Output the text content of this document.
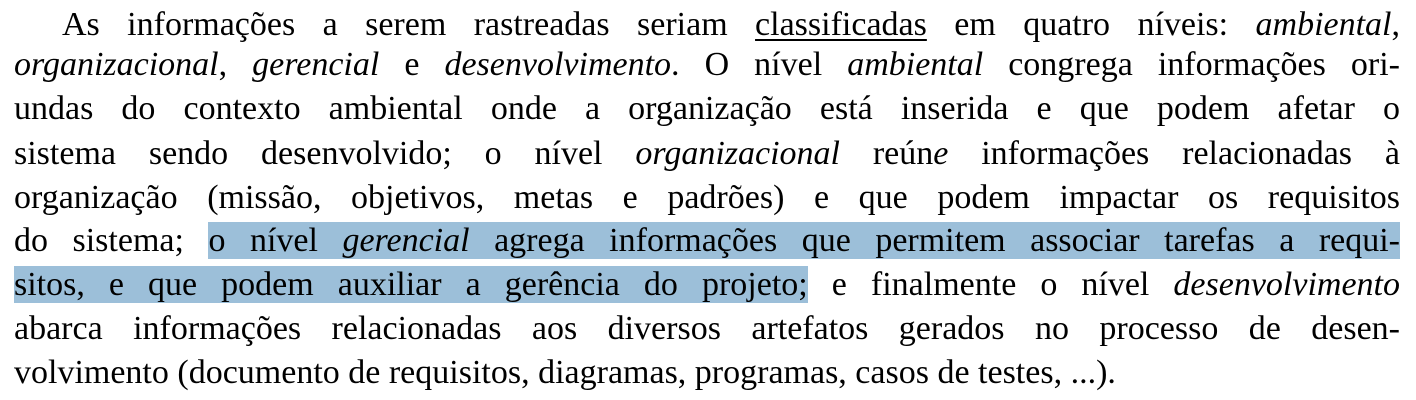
As informações a serem rastreadas seriam classificadas em quatro níveis: ambiental,
organizacional, gerencial e desenvolvimento. O nível ambiental congrega informações ori-
undas do contexto ambiental onde a organização está inserida e que podem afetar o
sistema sendo desenvolvido; o nível organizacional reúne informações relacionadas à
organização (missão, objetivos, metas e padrões) e que podem impactar os requisitos
do sistema; o nível gerencial agrega informações que permitem associar tarefas a requi-
sitos, e que podem auxiliar a gerência do projeto; e finalmente o nível desenvolvimento
abarca informações relacionadas aos diversos artefatos gerados no processo de desen-
volvimento (documento de requisitos, diagramas, programas, casos de testes, ...).
